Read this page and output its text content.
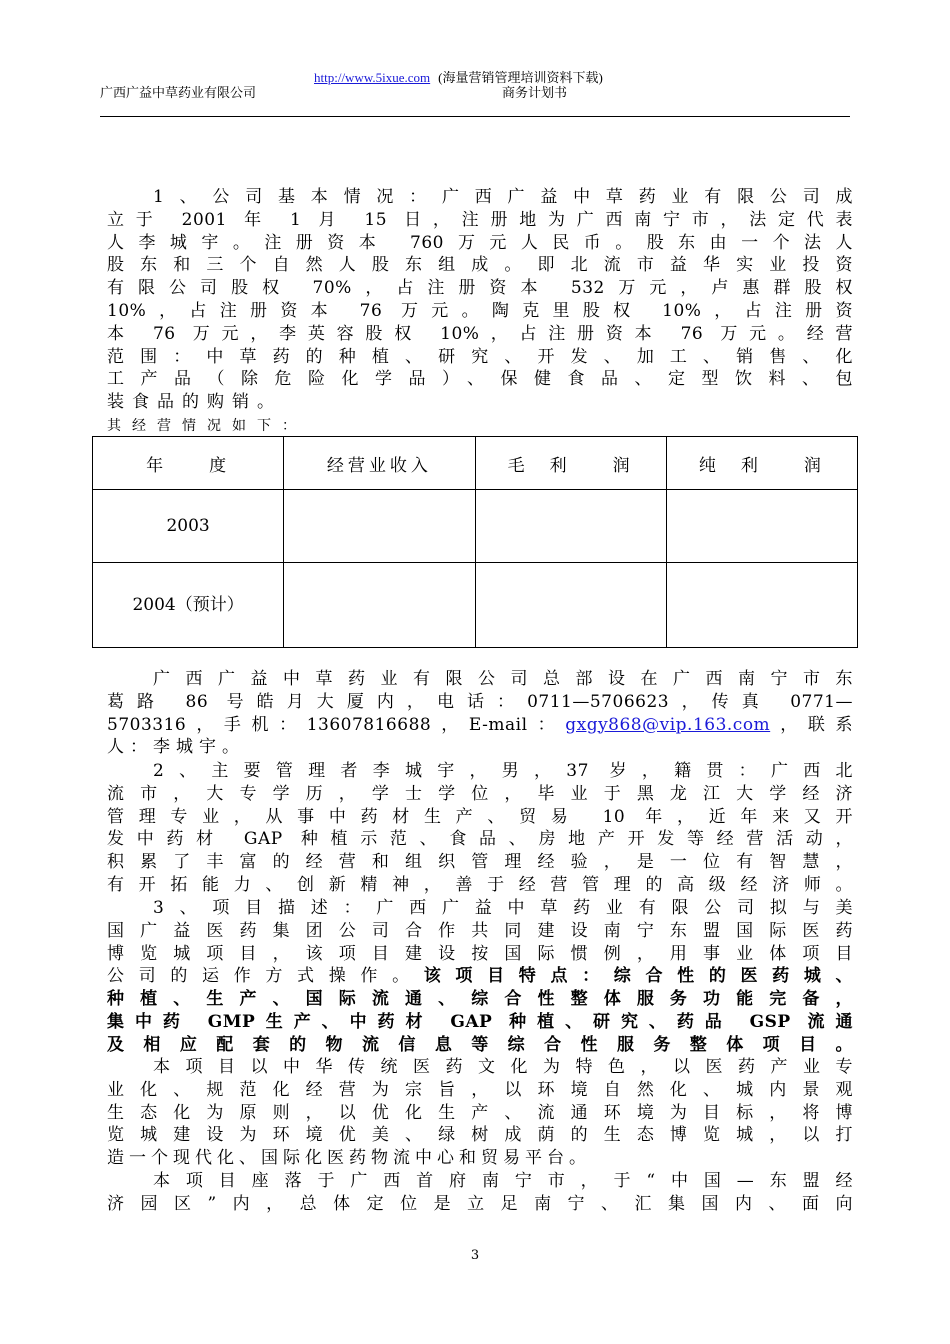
http://www.5ixue.com (海量营销管理培训资料下载)
广西广益中草药业有限公司	商务计划书

1、公司基本情况：广西广益中草药业有限公司成

立于 2001 年 1 月 15 日，注册地为广西南宁市，法定代表

人李城宇。注册资本 760万元人民币。股东由一个法人

股东和三个自然人股东组成。即北流市益华实业投资

有限公司股权 70%，占注册资本 532万元，卢惠群股权

10%，占注册资本 76 万元。陶克里股权 10%，占注册资

本 76 万元，李英容股权 10%，占注册资本 76 万元。经营

范围：中草药的种植、研究、开发、加工、销售、化

工产品（除危险化学品）、保健食品、定型饮料、包

装食品的购销。

其经营情况如下：
年　　度	经营业收入	毛　利　　润	纯　利　　润
2003			
2004（预计）			

广西广益中草药业有限公司总部设在广西南宁市东

葛路 86 号皓月大厦内，电话：0711—5706623，传真 0771—

5703316，手机：13607816688，E-mail：gxgy868@vip.163.com，联系

人：李城宇。

2、主要管理者李城宇，男，37 岁，籍贯：广西北

流市，大专学历，学士学位，毕业于黑龙江大学经济

管理专业，从事中药材生产、贸易 10 年，近年来又开

发中药材 GAP 种植示范、食品、房地产开发等经营活动，

积累了丰富的经营和组织管理经验，是一位有智慧，

有开拓能力、创新精神，善于经营管理的高级经济师。

3、项目描述：广西广益中草药业有限公司拟与美

国广益医药集团公司合作共同建设南宁东盟国际医药

博览城项目，该项目建设按国际惯例，用事业体项目

公司的运作方式操作。该项目特点：综合性的医药城、

种植、生产、国际流通、综合性整体服务功能完备，

集中药 GMP生产、中药材 GAP 种植、研究、药品 GSP 流通

及相应配套的物流信息等综合性服务整体项目。

本项目以中华传统医药文化为特色，以医药产业专

业化、规范化经营为宗旨，以环境自然化、城内景观

生态化为原则，以优化生产、流通环境为目标，将博

览城建设为环境优美、绿树成荫的生态博览城，以打

造一个现代化、国际化医药物流中心和贸易平台。

本项目座落于广西首府南宁市，于“中国—东盟经

济园区”内，总体定位是立足南宁、汇集国内、面向

3
